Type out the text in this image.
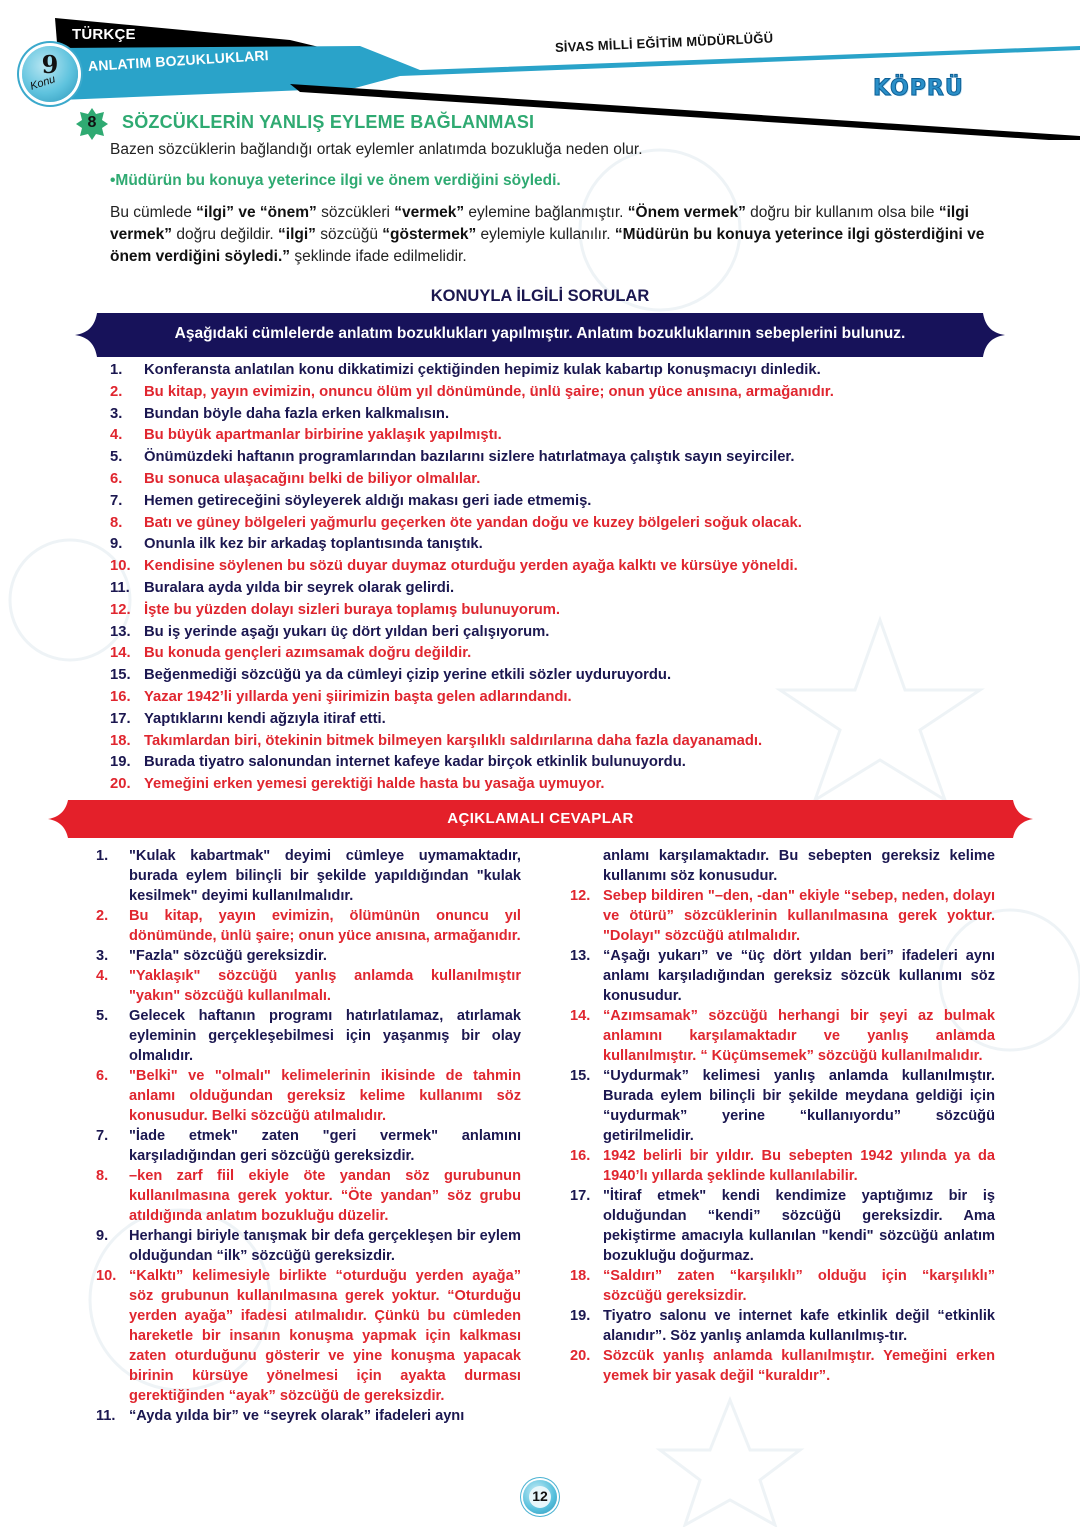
TÜRKÇE
ANLATIM BOZUKLUKLARI
9
Konu
SİVAS MİLLİ EĞİTİM MÜDÜRLÜĞÜ
KÖPRÜ
8	SÖZCÜKLERİN YANLIŞ EYLEME BAĞLANMASI
Bazen sözcüklerin bağlandığı ortak eylemler anlatımda bozukluğa neden olur.
•Müdürün bu konuya yeterince ilgi ve önem verdiğini söyledi.
Bu cümlede “ilgi” ve “önem” sözcükleri “vermek” eylemine bağlanmıştır. “Önem vermek” doğru bir kullanım olsa bile “ilgi vermek” doğru değildir. “ilgi” sözcüğü “göstermek” eylemiyle kullanılır. “Müdürün bu konuya yeterince ilgi gösterdiğini ve önem verdiğini söyledi.” şeklinde ifade edilmelidir.
KONUYLA İLGİLİ SORULAR
Aşağıdaki cümlelerde anlatım bozuklukları yapılmıştır. Anlatım bozukluklarının sebeplerini bulunuz.
1.	Konferansta anlatılan konu dikkatimizi çektiğinden hepimiz kulak kabartıp konuşmacıyı dinledik.
2.	Bu kitap, yayın evimizin, onuncu ölüm yıl dönümünde, ünlü şaire; onun yüce anısına, armağanıdır.
3.	Bundan böyle daha fazla erken kalkmalısın.
4.	Bu büyük apartmanlar birbirine yaklaşık yapılmıştı.
5.	Önümüzdeki haftanın programlarından bazılarını sizlere hatırlatmaya çalıştık sayın seyirciler.
6.	Bu sonuca ulaşacağını belki de biliyor olmalılar.
7.	Hemen getireceğini söyleyerek aldığı makası geri iade etmemiş.
8.	Batı ve güney bölgeleri yağmurlu geçerken öte yandan doğu ve kuzey bölgeleri soğuk olacak.
9.	Onunla ilk kez bir arkadaş toplantısında tanıştık.
10. Kendisine söylenen bu sözü duyar duymaz oturduğu yerden ayağa kalktı ve kürsüye yöneldi.
11. Buralara ayda yılda bir seyrek olarak gelirdi.
12. İşte bu yüzden dolayı sizleri buraya toplamış bulunuyorum.
13. Bu iş yerinde aşağı yukarı üç dört yıldan beri çalışıyorum.
14. Bu konuda gençleri azımsamak doğru değildir.
15. Beğenmediği sözcüğü ya da cümleyi çizip yerine etkili sözler uyduruyordu.
16. Yazar 1942’li yıllarda yeni şiirimizin başta gelen adlarındandı.
17. Yaptıklarını kendi ağzıyla itiraf etti.
18. Takımlardan biri, ötekinin bitmek bilmeyen karşılıklı saldırılarına daha fazla dayanamadı.
19. Burada tiyatro salonundan internet kafeye kadar birçok etkinlik bulunuyordu.
20. Yemeğini erken yemesi gerektiği halde hasta bu yasağa uymuyor.
AÇIKLAMALI CEVAPLAR
1.	"Kulak kabartmak" deyimi cümleye uymamaktadır, burada eylem bilinçli bir şekilde yapıldığından "kulak kesilmek" deyimi kullanılmalıdır.
2.	Bu kitap, yayın evimizin, ölümünün onuncu yıl dönümünde, ünlü şaire; onun yüce anısına, armağanıdır.
3.	"Fazla" sözcüğü gereksizdir.
4.	"Yaklaşık" sözcüğü yanlış anlamda kullanılmıştır "yakın" sözcüğü kullanılmalı.
5.	Gelecek haftanın programı hatırlatılamaz, atırlamak eyleminin gerçekleşebilmesi için yaşanmış bir olay olmalıdır.
6.	"Belki" ve "olmalı" kelimelerinin ikisinde de tahmin anlamı olduğundan gereksiz kelime kullanımı söz konusudur. Belki sözcüğü atılmalıdır.
7.	"İade etmek" zaten "geri vermek" anlamını karşıladığından geri sözcüğü gereksizdir.
8.	–ken zarf fiil ekiyle öte yandan söz gurubunun kullanılmasına gerek yoktur. “Öte yandan” söz grubu atıldığında anlatım bozukluğu düzelir.
9.	Herhangi biriyle tanışmak bir defa gerçekleşen bir eylem olduğundan “ilk” sözcüğü gereksizdir.
10. “Kalktı” kelimesiyle birlikte “oturduğu yerden ayağa” söz grubunun kullanılmasına gerek yoktur. “Oturduğu yerden ayağa” ifadesi atılmalıdır. Çünkü bu cümleden hareketle bir insanın konuşma yapmak için kalkması zaten oturduğunu gösterir ve yine konuşma yapacak birinin kürsüye yönelmesi için ayakta durması gerektiğinden “ayak” sözcüğü de gereksizdir.
11. “Ayda yılda bir” ve “seyrek olarak” ifadeleri aynı
anlamı karşılamaktadır. Bu sebepten gereksiz kelime kullanımı söz konusudur.
12. Sebep bildiren "–den, -dan" ekiyle “sebep, neden, dolayı ve ötürü” sözcüklerinin kullanılmasına gerek yoktur. "Dolayı" sözcüğü atılmalıdır.
13. “Aşağı yukarı” ve “üç dört yıldan beri” ifadeleri aynı anlamı karşıladığından gereksiz sözcük kullanımı söz konusudur.
14. “Azımsamak” sözcüğü herhangi bir şeyi az bulmak anlamını karşılamaktadır ve yanlış anlamda kullanılmıştır. “ Küçümsemek” sözcüğü kullanılmalıdır.
15. “Uydurmak” kelimesi yanlış anlamda kullanılmıştır. Burada eylem bilinçli bir şekilde meydana geldiği için “uydurmak” yerine “kullanıyordu” sözcüğü getirilmelidir.
16. 1942 belirli bir yıldır. Bu sebepten 1942 yılında ya da 1940’lı yıllarda şeklinde kullanılabilir.
17. "İtiraf etmek" kendi kendimize yaptığımız bir iş olduğundan “kendi” sözcüğü gereksizdir. Ama pekiştirme amacıyla kullanılan "kendi" sözcüğü anlatım bozukluğu doğurmaz.
18. “Saldırı” zaten “karşılıklı” olduğu için “karşılıklı” sözcüğü gereksizdir.
19. Tiyatro salonu ve internet kafe etkinlik değil “etkinlik alanıdır”. Söz yanlış anlamda kullanılmış-tır.
20. Sözcük yanlış anlamda kullanılmıştır. Yemeğini erken yemek bir yasak değil “kuraldır”.
12
